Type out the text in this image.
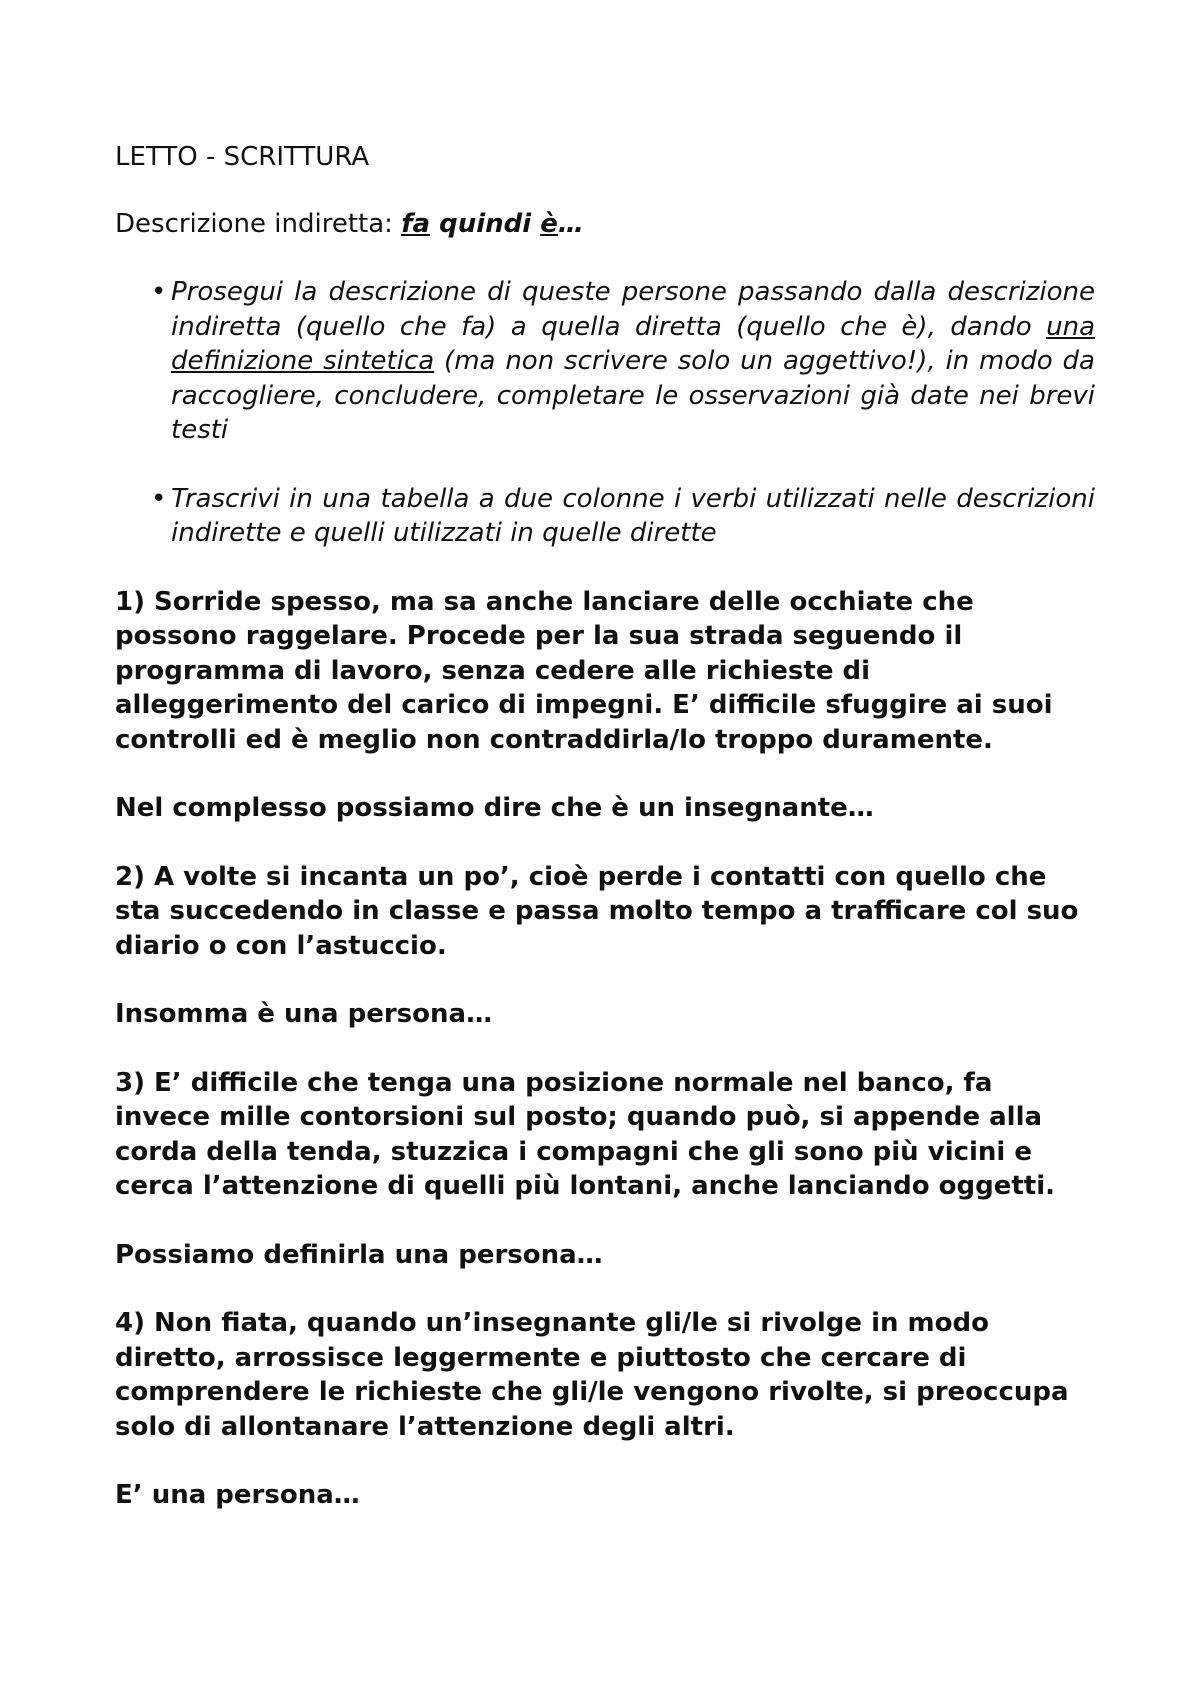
LETTO - SCRITTURA

Descrizione indiretta: fa quindi è…

• Prosegui la descrizione di queste persone passando dalla descrizione indiretta (quello che fa) a quella diretta (quello che è), dando una definizione sintetica (ma non scrivere solo un aggettivo!), in modo da raccogliere, concludere, completare le osservazioni già date nei brevi testi
• Trascrivi in una tabella a due colonne i verbi utilizzati nelle descrizioni indirette e quelli utilizzati in quelle dirette

1) Sorride spesso, ma sa anche lanciare delle occhiate che possono raggelare. Procede per la sua strada seguendo il programma di lavoro, senza cedere alle richieste di alleggerimento del carico di impegni. E’ difficile sfuggire ai suoi controlli ed è meglio non contraddirla/lo troppo duramente.

Nel complesso possiamo dire che è un insegnante…

2) A volte si incanta un po’, cioè perde i contatti con quello che sta succedendo in classe e passa molto tempo a trafficare col suo diario o con l’astuccio.

Insomma è una persona…

3) E’ difficile che tenga una posizione normale nel banco, fa invece mille contorsioni sul posto; quando può, si appende alla corda della tenda, stuzzica i compagni che gli sono più vicini e cerca l’attenzione di quelli più lontani, anche lanciando oggetti.

Possiamo definirla una persona…

4) Non fiata, quando un’insegnante gli/le si rivolge in modo diretto, arrossisce leggermente e piuttosto che cercare di comprendere le richieste che gli/le vengono rivolte, si preoccupa solo di allontanare l’attenzione degli altri.

E’ una persona…
